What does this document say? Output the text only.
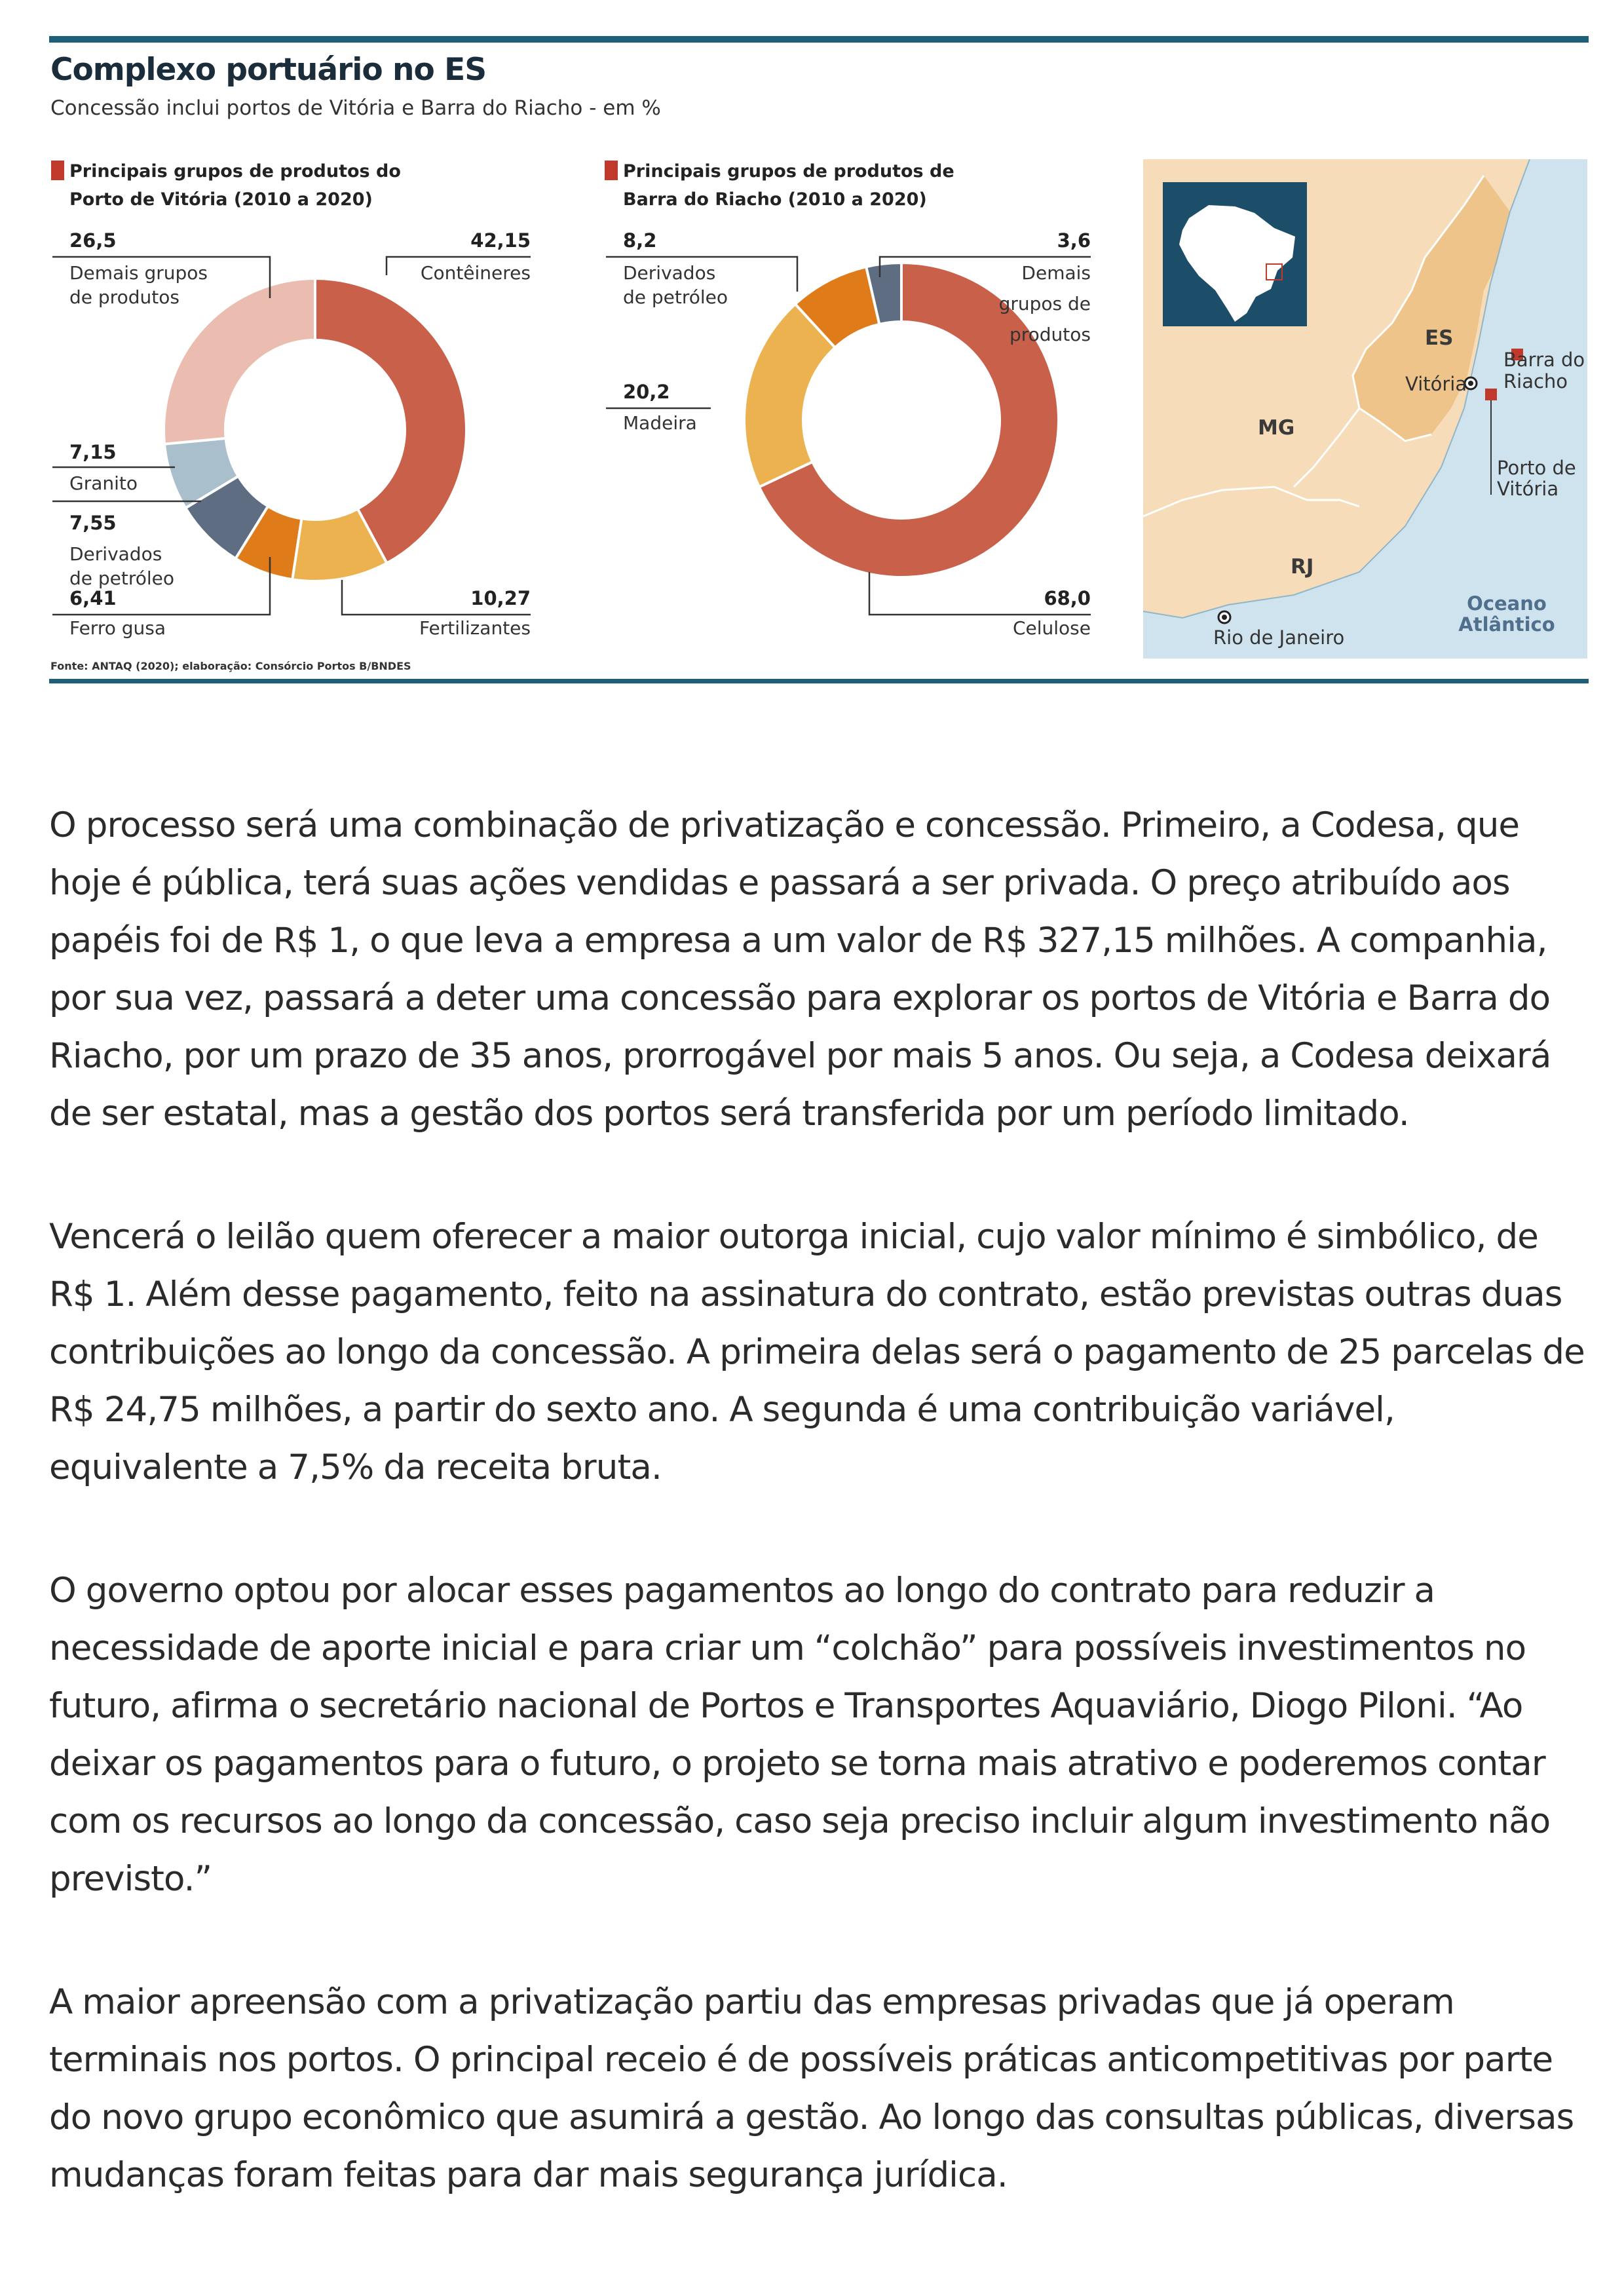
Complexo portuário no ES
Concessão inclui portos de Vitória e Barra do Riacho - em %
Principais grupos de produtos do
Porto de Vitória (2010 a 2020)
26,5
Demais grupos
de produtos
42,15
Contêineres
7,15
Granito
7,55
Derivados
de petróleo
6,41
Ferro gusa
10,27
Fertilizantes
Principais grupos de produtos de
Barra do Riacho (2010 a 2020)
8,2
Derivados
de petróleo
3,6
Demais
grupos de
produtos
20,2
Madeira
68,0
Celulose
ES
MG
RJ
Vitória
Barra do
Riacho
Porto de
Vitória
Rio de Janeiro
Oceano
Atlântico
Fonte: ANTAQ (2020); elaboração: Consórcio Portos B/BNDES

O processo será uma combinação de privatização e concessão. Primeiro, a Codesa, que hoje é pública, terá suas ações vendidas e passará a ser privada. O preço atribuído aos papéis foi de R$ 1, o que leva a empresa a um valor de R$ 327,15 milhões. A companhia, por sua vez, passará a deter uma concessão para explorar os portos de Vitória e Barra do Riacho, por um prazo de 35 anos, prorrogável por mais 5 anos. Ou seja, a Codesa deixará de ser estatal, mas a gestão dos portos será transferida por um período limitado.

Vencerá o leilão quem oferecer a maior outorga inicial, cujo valor mínimo é simbólico, de R$ 1. Além desse pagamento, feito na assinatura do contrato, estão previstas outras duas contribuições ao longo da concessão. A primeira delas será o pagamento de 25 parcelas de R$ 24,75 milhões, a partir do sexto ano. A segunda é uma contribuição variável, equivalente a 7,5% da receita bruta.

O governo optou por alocar esses pagamentos ao longo do contrato para reduzir a necessidade de aporte inicial e para criar um “colchão” para possíveis investimentos no futuro, afirma o secretário nacional de Portos e Transportes Aquaviário, Diogo Piloni. “Ao deixar os pagamentos para o futuro, o projeto se torna mais atrativo e poderemos contar com os recursos ao longo da concessão, caso seja preciso incluir algum investimento não previsto.”

A maior apreensão com a privatização partiu das empresas privadas que já operam terminais nos portos. O principal receio é de possíveis práticas anticompetitivas por parte do novo grupo econômico que asumirá a gestão. Ao longo das consultas públicas, diversas mudanças foram feitas para dar mais segurança jurídica.
